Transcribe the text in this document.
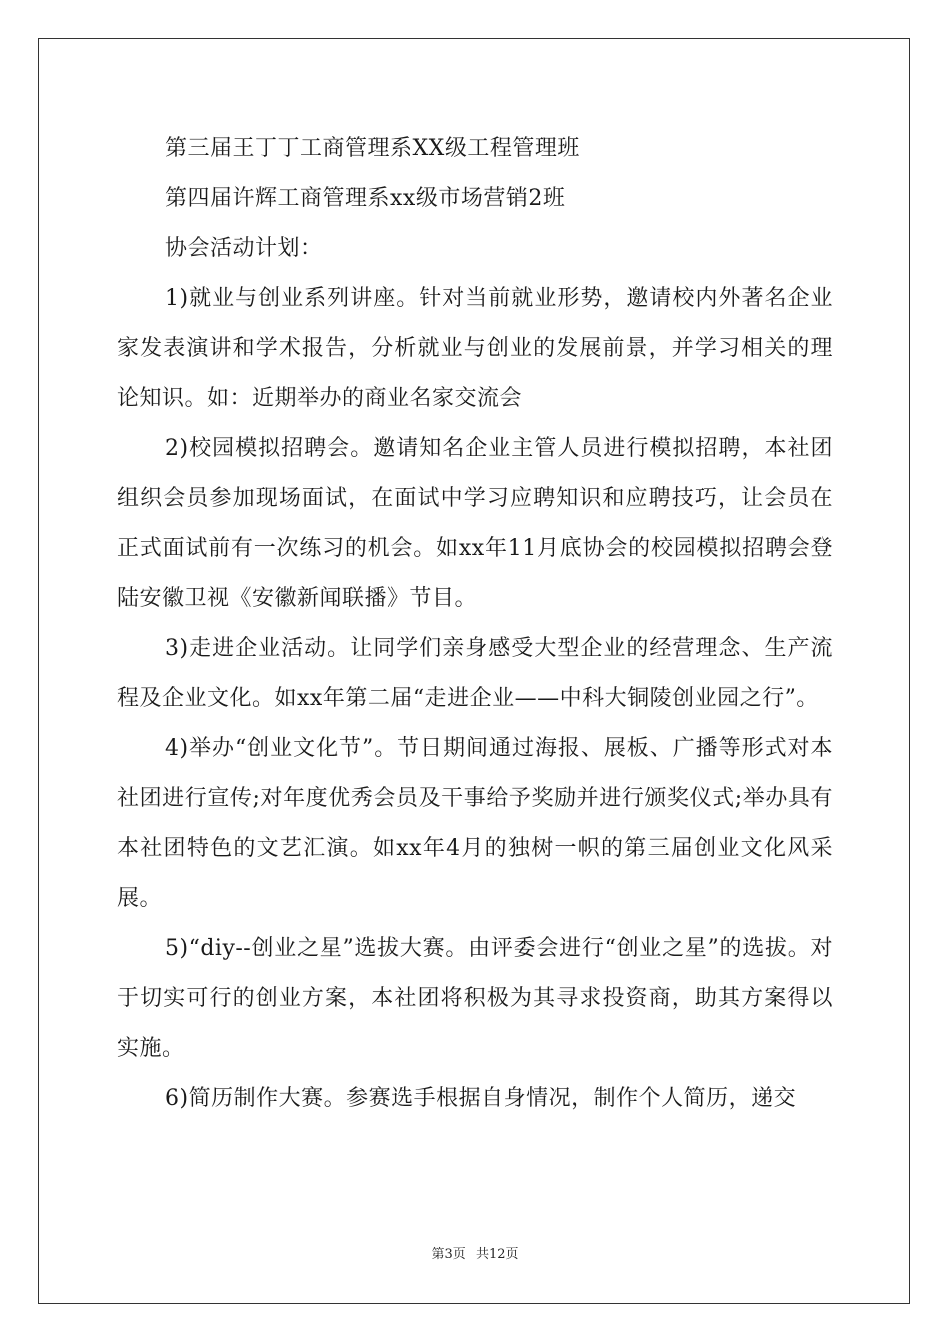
第三届王丁丁工商管理系XX级工程管理班

第四届许辉工商管理系xx级市场营销2班

协会活动计划：

1)就业与创业系列讲座。针对当前就业形势，邀请校内外著名企业家发表演讲和学术报告，分析就业与创业的发展前景，并学习相关的理论知识。如：近期举办的商业名家交流会

2)校园模拟招聘会。邀请知名企业主管人员进行模拟招聘，本社团组织会员参加现场面试，在面试中学习应聘知识和应聘技巧，让会员在正式面试前有一次练习的机会。如xx年11月底协会的校园模拟招聘会登陆安徽卫视《安徽新闻联播》节目。

3)走进企业活动。让同学们亲身感受大型企业的经营理念、生产流程及企业文化。如xx年第二届“走进企业——中科大铜陵创业园之行”。

4)举办“创业文化节”。节日期间通过海报、展板、广播等形式对本社团进行宣传;对年度优秀会员及干事给予奖励并进行颁奖仪式;举办具有本社团特色的文艺汇演。如xx年4月的独树一帜的第三届创业文化风采展。

5)“diy--创业之星”选拔大赛。由评委会进行“创业之星”的选拔。对于切实可行的创业方案，本社团将积极为其寻求投资商，助其方案得以实施。

6)简历制作大赛。参赛选手根据自身情况，制作个人简历，递交

第3页 共12页
